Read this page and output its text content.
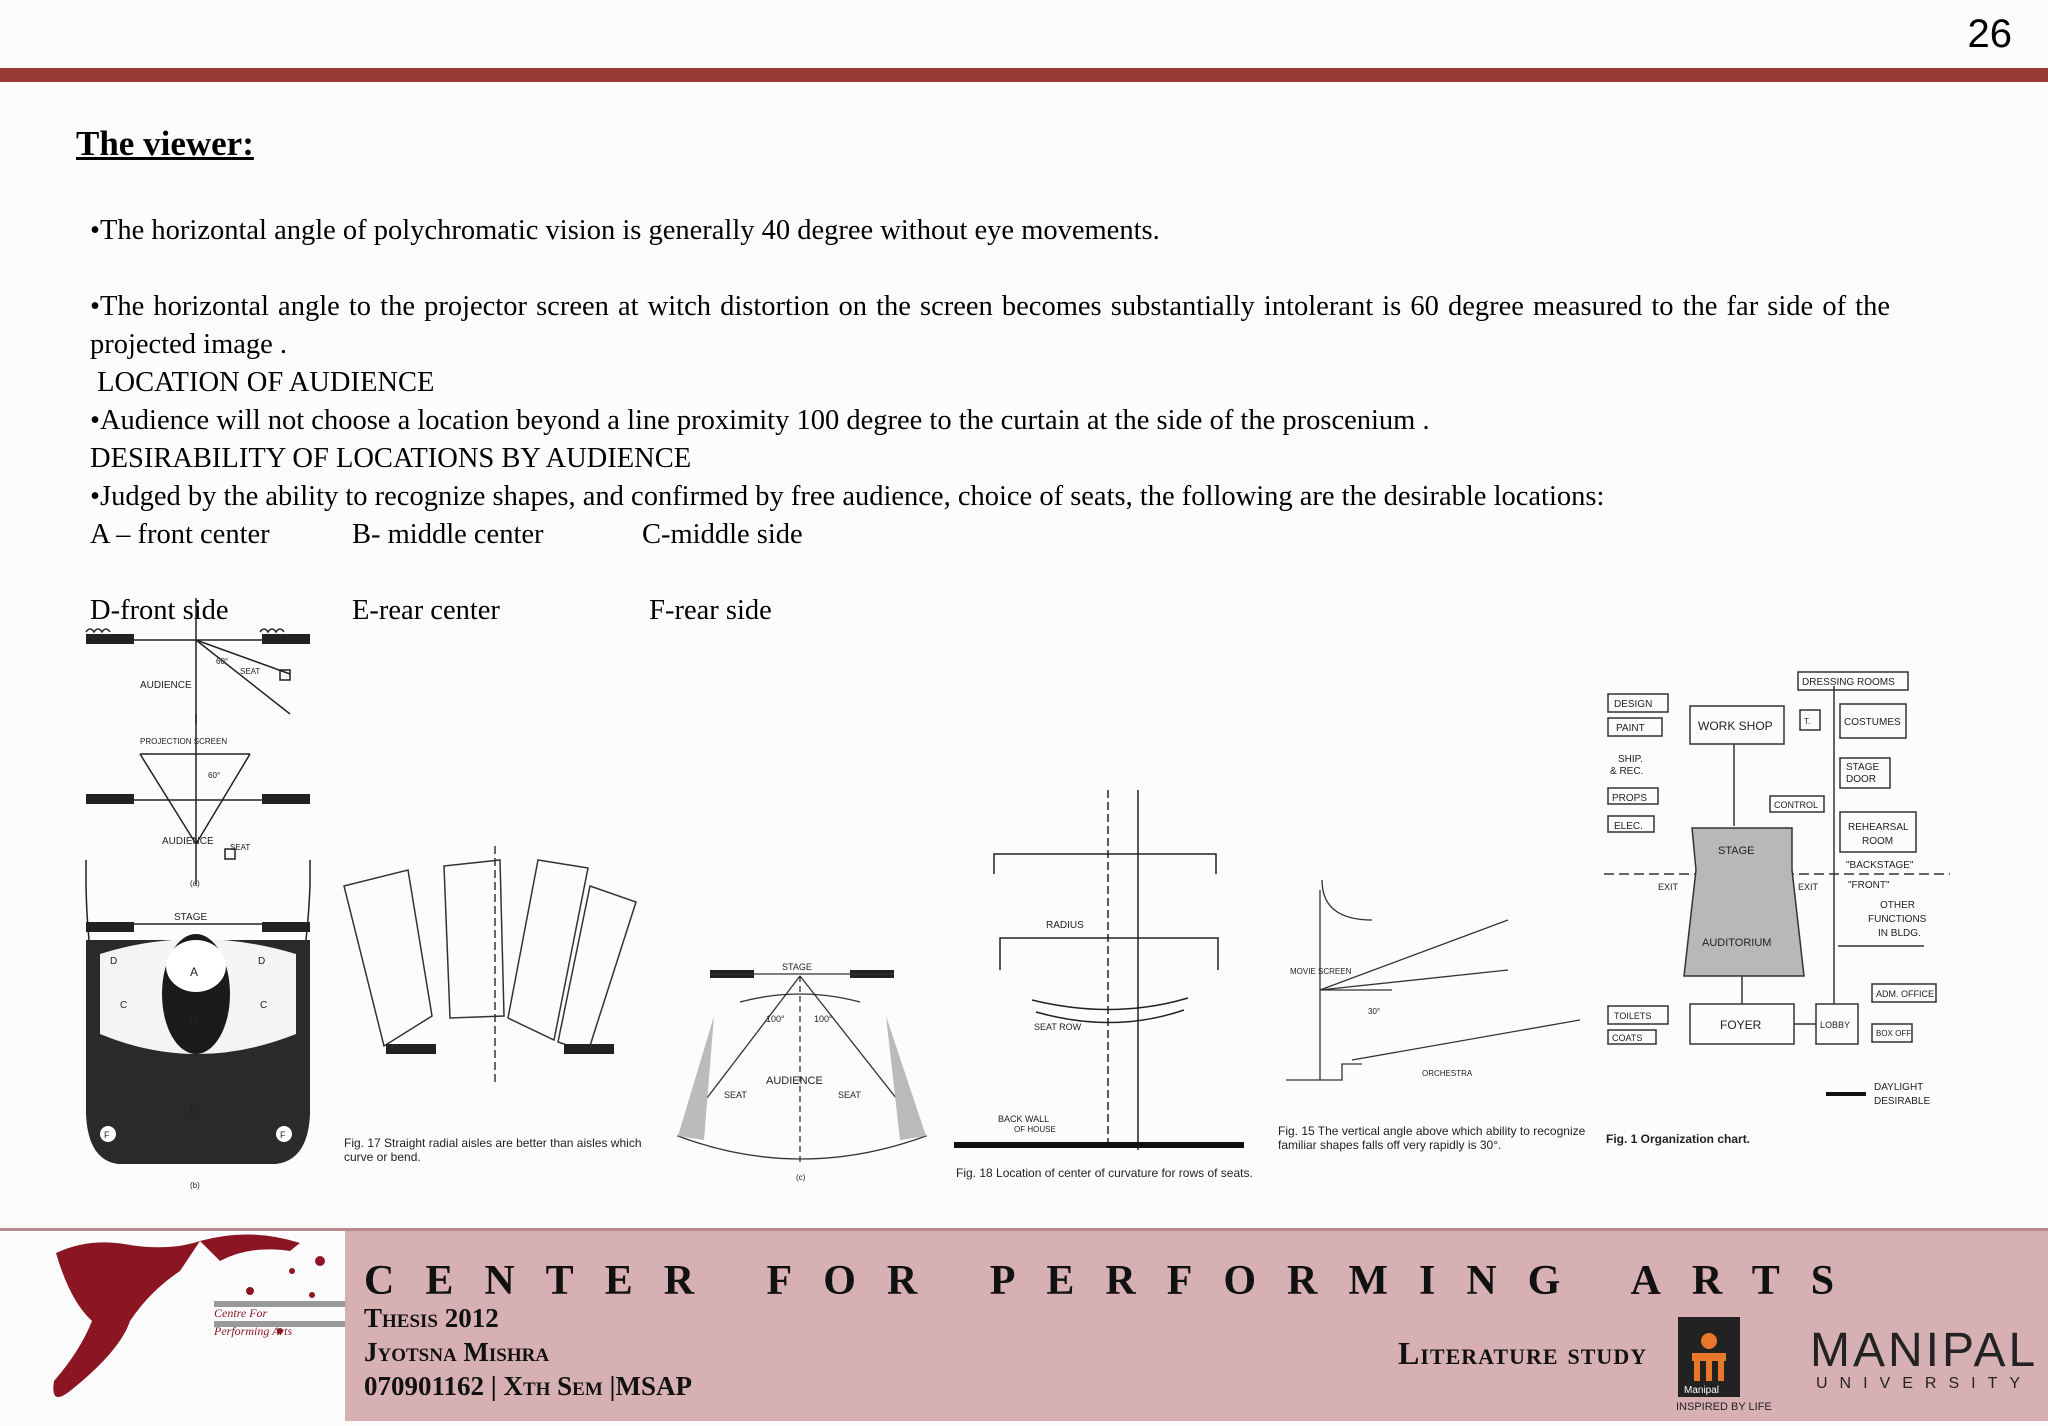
26
The viewer:

•The horizontal angle of polychromatic vision is generally 40 degree without eye movements.

•The horizontal angle to the projector screen at witch distortion on the screen becomes substantially intolerant is 60 degree measured to the far side of the projected image .

LOCATION OF AUDIENCE

•Audience will not choose a location beyond a line proximity 100 degree to the curtain at the side of the proscenium .

DESIRABILITY OF LOCATIONS BY AUDIENCE

•Judged by the ability to recognize shapes, and confirmed by free audience, choice of seats, the following are the desirable locations:

A – front center	B- middle center	C-middle side

D-front side	E-rear center	F-rear side

AUDIENCE
SEAT
60°
PROJECTION SCREEN
60°
AUDIENCE
SEAT
(a)
STAGE
A
B
C	C
D	D
E
F	F
(b)
Fig. 17 Straight radial aisles are better than aisles which curve or bend.
STAGE
100°	100°
AUDIENCE
SEAT	SEAT
(c)
RADIUS
SEAT ROW
BACK WALL
OF HOUSE
Fig. 18 Location of center of curvature for rows of seats.
MOVIE SCREEN
30°
ORCHESTRA
Fig. 15 The vertical angle above which ability to recognize familiar shapes falls off very rapidly is 30°.
DESIGN
PAINT	WORK SHOP	T.
DRESSING ROOMS
COSTUMES
SHIP.
& REC.
PROPS
ELEC.
CONTROL
STAGE
DOOR
REHEARSAL
ROOM
STAGE
"BACKSTAGE"
"FRONT"
EXIT	EXIT
OTHER
FUNCTIONS
IN BLDG.
AUDITORIUM
ADM. OFFICE
TOILETS
COATS
FOYER	LOBBY
BOX OFF
DAYLIGHT
DESIRABLE
Fig. 1 Organization chart.
Centre For
Performing Arts
CENTER FOR PERFORMING ARTS
Thesis 2012
Jyotsna Mishra
070901162 | Xth Sem |MSAP
Literature study
Manipal
INSPIRED BY LIFE
MANIPAL
UNIVERSITY
